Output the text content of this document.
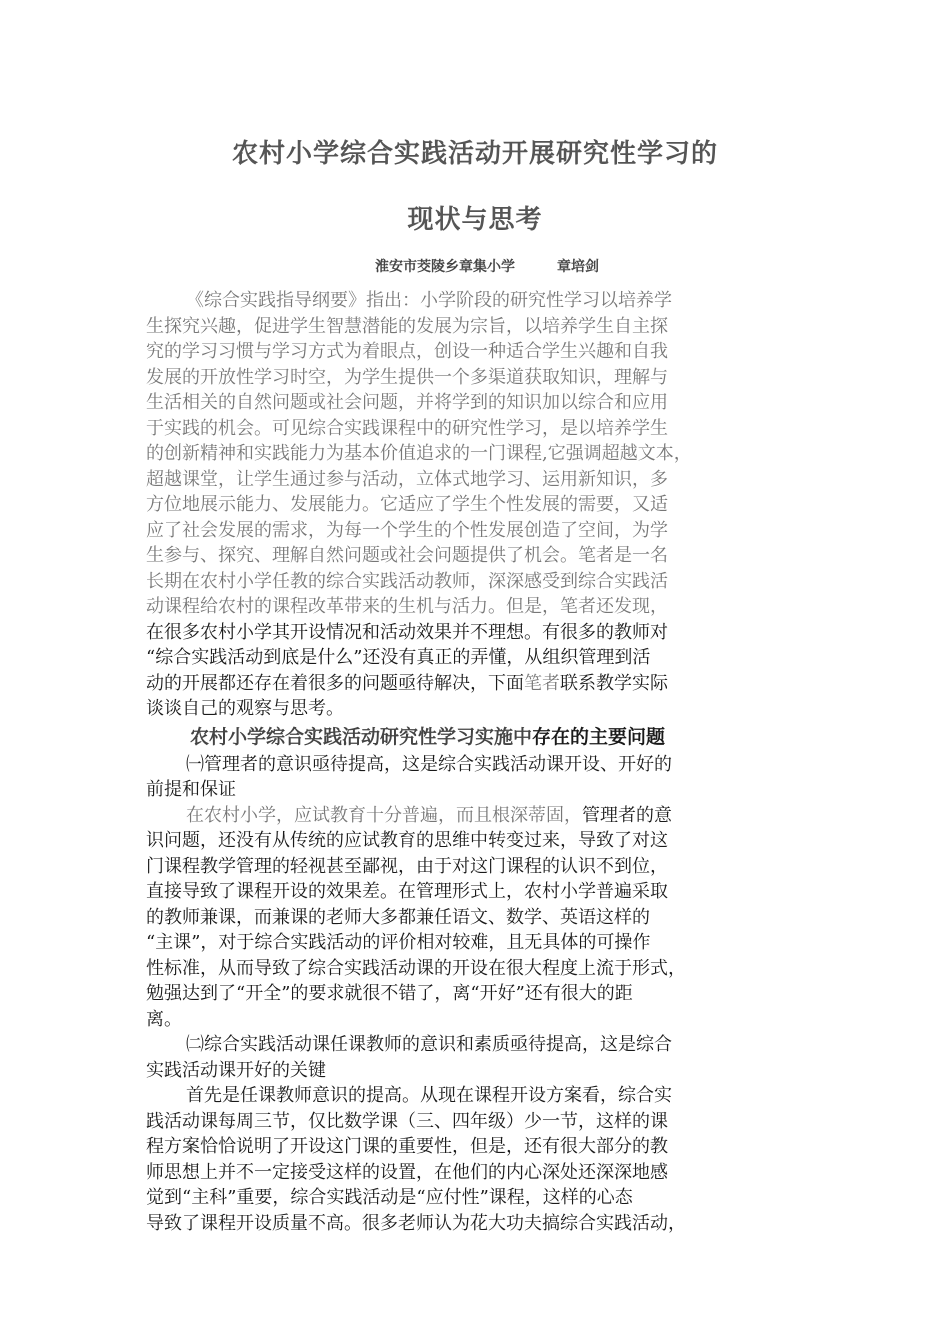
农村小学综合实践活动开展研究性学习的
现状与思考
淮安市茭陵乡章集小学	章培剑
《综合实践指导纲要》指出：小学阶段的研究性学习以培养学
生探究兴趣，促进学生智慧潜能的发展为宗旨，以培养学生自主探
究的学习习惯与学习方式为着眼点，创设一种适合学生兴趣和自我
发展的开放性学习时空，为学生提供一个多渠道获取知识，理解与
生活相关的自然问题或社会问题，并将学到的知识加以综合和应用
于实践的机会。可见综合实践课程中的研究性学习，是以培养学生
的创新精神和实践能力为基本价值追求的一门课程,它强调超越文本，
超越课堂，让学生通过参与活动，立体式地学习、运用新知识，多
方位地展示能力、发展能力。它适应了学生个性发展的需要，又适
应了社会发展的需求，为每一个学生的个性发展创造了空间，为学
生参与、探究、理解自然问题或社会问题提供了机会。笔者是一名
长期在农村小学任教的综合实践活动教师，深深感受到综合实践活
动课程给农村的课程改革带来的生机与活力。但是，笔者还发现，
在很多农村小学其开设情况和活动效果并不理想。有很多的教师对
“综合实践活动到底是什么”还没有真正的弄懂，从组织管理到活
动的开展都还存在着很多的问题亟待解决，下面笔者联系教学实际
谈谈自己的观察与思考。
农村小学综合实践活动研究性学习实施中存在的主要问题
㈠管理者的意识亟待提高，这是综合实践活动课开设、开好的
前提和保证
在农村小学，应试教育十分普遍，而且根深蒂固，管理者的意
识问题，还没有从传统的应试教育的思维中转变过来，导致了对这
门课程教学管理的轻视甚至鄙视，由于对这门课程的认识不到位，
直接导致了课程开设的效果差。在管理形式上，农村小学普遍采取
的教师兼课，而兼课的老师大多都兼任语文、数学、英语这样的
“主课”，对于综合实践活动的评价相对较难，且无具体的可操作
性标准，从而导致了综合实践活动课的开设在很大程度上流于形式，
勉强达到了“开全”的要求就很不错了，离“开好”还有很大的距
离。
㈡综合实践活动课任课教师的意识和素质亟待提高，这是综合
实践活动课开好的关键
首先是任课教师意识的提高。从现在课程开设方案看，综合实
践活动课每周三节，仅比数学课（三、四年级）少一节，这样的课
程方案恰恰说明了开设这门课的重要性，但是，还有很大部分的教
师思想上并不一定接受这样的设置，在他们的内心深处还深深地感
觉到“主科”重要，综合实践活动是“应付性”课程，这样的心态
导致了课程开设质量不高。很多老师认为花大功夫搞综合实践活动，
